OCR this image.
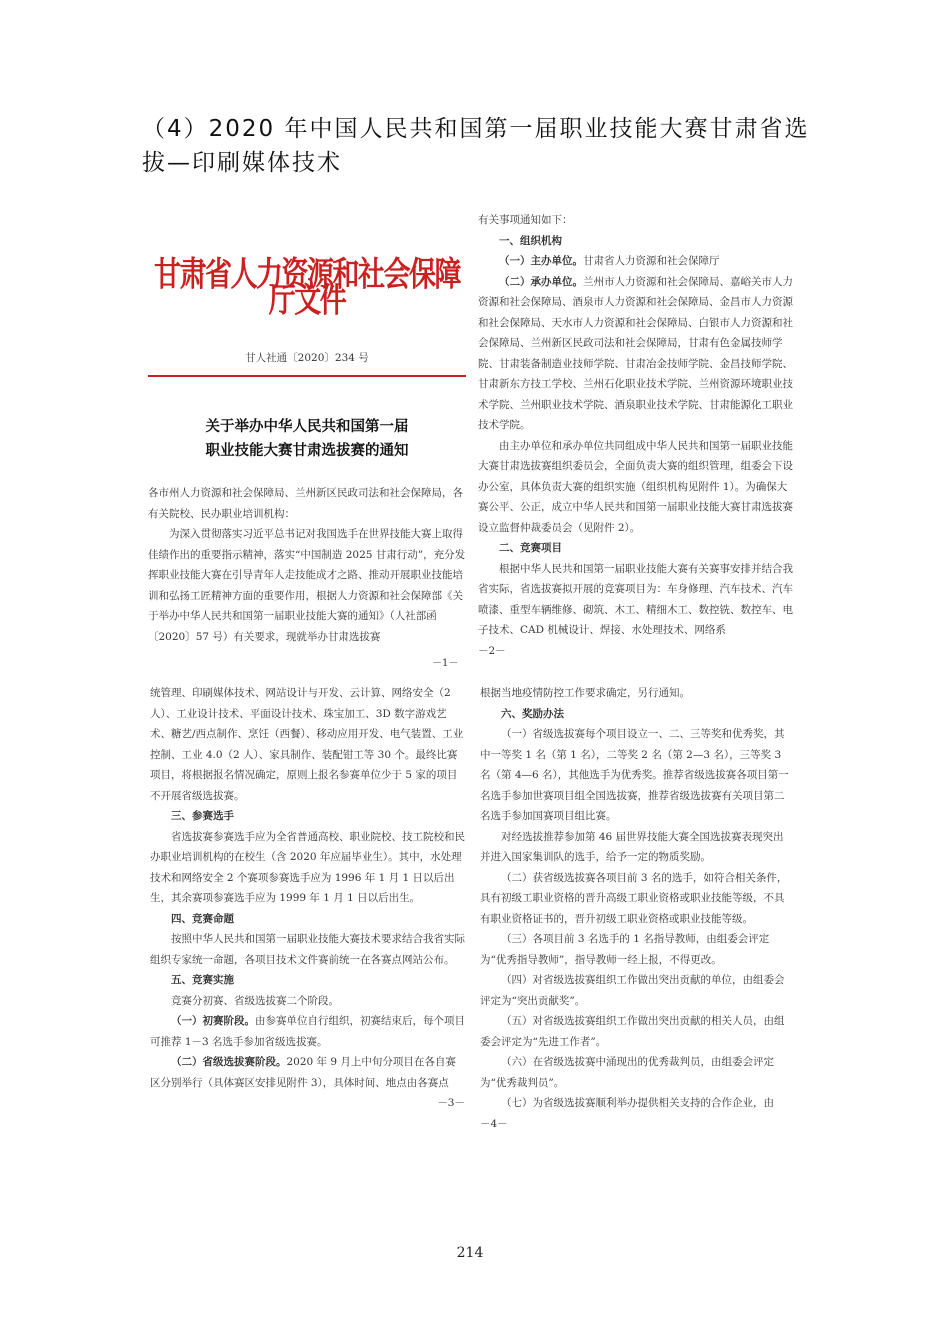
（4）2020 年中国人民共和国第一届职业技能大赛甘肃省选拔—印刷媒体技术
甘肃省人力资源和社会保障厅文件
甘人社通〔2020〕234 号
关于举办中华人民共和国第一届
职业技能大赛甘肃选拔赛的通知

各市州人力资源和社会保障局、兰州新区民政司法和社会保障局，各有关院校、民办职业培训机构：

为深入贯彻落实习近平总书记对我国选手在世界技能大赛上取得佳绩作出的重要指示精神，落实“中国制造 2025 甘肃行动”，充分发挥职业技能大赛在引导青年人走技能成才之路、推动开展职业技能培训和弘扬工匠精神方面的重要作用，根据人力资源和社会保障部《关于举办中华人民共和国第一届职业技能大赛的通知》（人社部函〔2020〕57 号）有关要求，现就举办甘肃选拔赛

－1－

有关事项通知如下：

一、组织机构

（一）主办单位。甘肃省人力资源和社会保障厅

（二）承办单位。兰州市人力资源和社会保障局、嘉峪关市人力资源和社会保障局、酒泉市人力资源和社会保障局、金昌市人力资源和社会保障局、天水市人力资源和社会保障局、白银市人力资源和社会保障局、兰州新区民政司法和社会保障局，甘肃有色金属技师学院、甘肃装备制造业技师学院、甘肃冶金技师学院、金昌技师学院、甘肃新东方技工学校、兰州石化职业技术学院、兰州资源环境职业技术学院、兰州职业技术学院、酒泉职业技术学院、甘肃能源化工职业技术学院。

由主办单位和承办单位共同组成中华人民共和国第一届职业技能大赛甘肃选拔赛组织委员会，全面负责大赛的组织管理，组委会下设办公室，具体负责大赛的组织实施（组织机构见附件 1）。为确保大赛公平、公正，成立中华人民共和国第一届职业技能大赛甘肃选拔赛设立监督仲裁委员会（见附件 2）。

二、竞赛项目

根据中华人民共和国第一届职业技能大赛有关赛事安排并结合我省实际，省选拔赛拟开展的竞赛项目为：车身修理、汽车技术、汽车喷漆、重型车辆维修、砌筑、木工、精细木工、数控铣、数控车、电子技术、CAD 机械设计、焊接、水处理技术、网络系

－2－

统管理、印刷媒体技术、网站设计与开发、云计算、网络安全（2 人）、工业设计技术、平面设计技术、珠宝加工、3D 数字游戏艺术、糖艺/西点制作、烹饪（西餐）、移动应用开发、电气装置、工业控制、工业 4.0（2 人）、家具制作、装配钳工等 30 个。最终比赛项目，将根据报名情况确定，原则上报名参赛单位少于 5 家的项目不开展省级选拔赛。

三、参赛选手

省选拔赛参赛选手应为全省普通高校、职业院校、技工院校和民办职业培训机构的在校生（含 2020 年应届毕业生）。其中，水处理技术和网络安全 2 个赛项参赛选手应为 1996 年 1 月 1 日以后出生，其余赛项参赛选手应为 1999 年 1 月 1 日以后出生。

四、竞赛命题

按照中华人民共和国第一届职业技能大赛技术要求结合我省实际组织专家统一命题，各项目技术文件赛前统一在各赛点网站公布。

五、竞赛实施

竞赛分初赛、省级选拔赛二个阶段。

（一）初赛阶段。由参赛单位自行组织，初赛结束后，每个项目可推荐 1－3 名选手参加省级选拔赛。

（二）省级选拔赛阶段。2020 年 9 月上中旬分项目在各自赛区分别举行（具体赛区安排见附件 3），具体时间、地点由各赛点

－3－

根据当地疫情防控工作要求确定，另行通知。

六、奖励办法

（一）省级选拔赛每个项目设立一、二、三等奖和优秀奖，其中一等奖 1 名（第 1 名），二等奖 2 名（第 2—3 名），三等奖 3 名（第 4—6 名），其他选手为优秀奖。推荐省级选拔赛各项目第一名选手参加世赛项目组全国选拔赛，推荐省级选拔赛有关项目第二名选手参加国赛项目组比赛。

对经选拔推荐参加第 46 届世界技能大赛全国选拔赛表现突出并进入国家集训队的选手，给予一定的物质奖励。

（二）获省级选拔赛各项目前 3 名的选手，如符合相关条件，具有初级工职业资格的晋升高级工职业资格或职业技能等级，不具有职业资格证书的，晋升初级工职业资格或职业技能等级。

（三）各项目前 3 名选手的 1 名指导教师，由组委会评定为“优秀指导教师”，指导教师一经上报，不得更改。

（四）对省级选拔赛组织工作做出突出贡献的单位，由组委会评定为“突出贡献奖”。

（五）对省级选拔赛组织工作做出突出贡献的相关人员，由组委会评定为“先进工作者”。

（六）在省级选拔赛中涌现出的优秀裁判员，由组委会评定为“优秀裁判员”。

（七）为省级选拔赛顺利举办提供相关支持的合作企业，由

－4－

214
